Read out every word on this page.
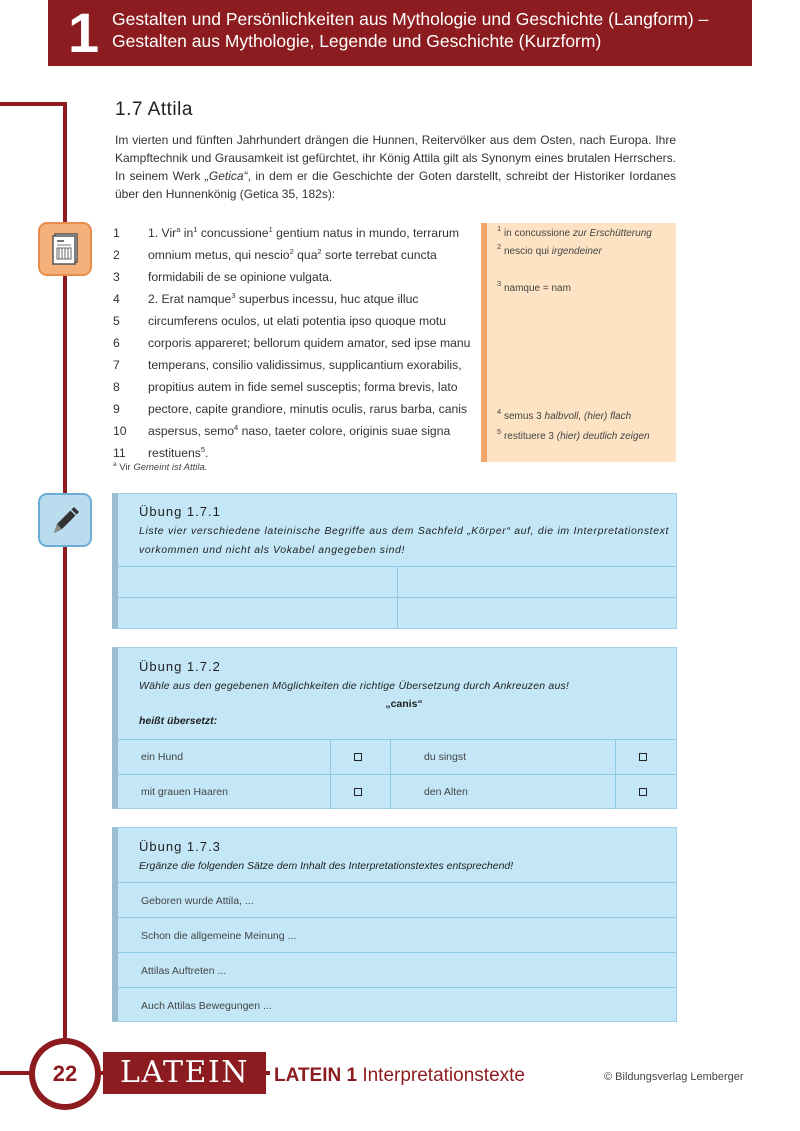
1 Gestalten und Persönlichkeiten aus Mythologie und Geschichte (Langform) –
Gestalten aus Mythologie, Legende und Geschichte (Kurzform)
1.7 Attila
Im vierten und fünften Jahrhundert drängen die Hunnen, Reitervölker aus dem Osten, nach Europa. Ihre Kampftechnik und Grausamkeit ist gefürchtet, ihr König Attila gilt als Synonym eines brutalen Herrschers. In seinem Werk „Getica“, in dem er die Geschichte der Goten darstellt, schreibt der Historiker Iordanes über den Hunnenkönig (Getica 35, 182s):
1	1. Vir$^a$ $in^1$ concussione$^1$ gentium natus in mundo, terrarum
2	omnium metus, qui nescio$^2$ qua$^2$ sorte terrebat cuncta
3	formidabili de se opinione vulgata.
4	2. Erat namque$^3$ superbus incessu, huc atque illuc
5	circumferens oculos, ut elati potentia ipso quoque motu
6	corporis appareret; bellorum quidem amator, sed ipse manu
7	temperans, consilio validissimus, supplicantium exorabilis,
8	propitius autem in fide semel susceptis; forma brevis, lato
9	pectore, capite grandiore, minutis oculis, rarus barba, canis
10	aspersus, semo$^4$ naso, taeter colore, originis suae signa
11	restituens$^5$.
$^a$ Vir Gemeint ist Attila.
$^1$ in concussione zur Erschütterung
$^2$ nescio qui irgendeiner
$^3$ namque = nam
$^4$ semus 3 halbvoll, (hier) flach
$^5$ restituere 3 (hier) deutlich zeigen
Übung 1.7.1
Liste vier verschiedene lateinische Begriffe aus dem Sachfeld „Körper“ auf, die im Interpretationstext vorkommen und nicht als Vokabel angegeben sind!
Übung 1.7.2
Wähle aus den gegebenen Möglichkeiten die richtige Übersetzung durch Ankreuzen aus!
„canis“
heißt übersetzt:
ein Hund	du singst
mit grauen Haaren	den Alten
Übung 1.7.3
Ergänze die folgenden Sätze dem Inhalt des Interpretationstextes entsprechend!
Geboren wurde Attila, ...
Schon die allgemeine Meinung ...
Attilas Auftreten ...
Auch Attilas Bewegungen ...
22	LATEIN	LATEIN 1 Interpretationstexte	© Bildungsverlag Lemberger
